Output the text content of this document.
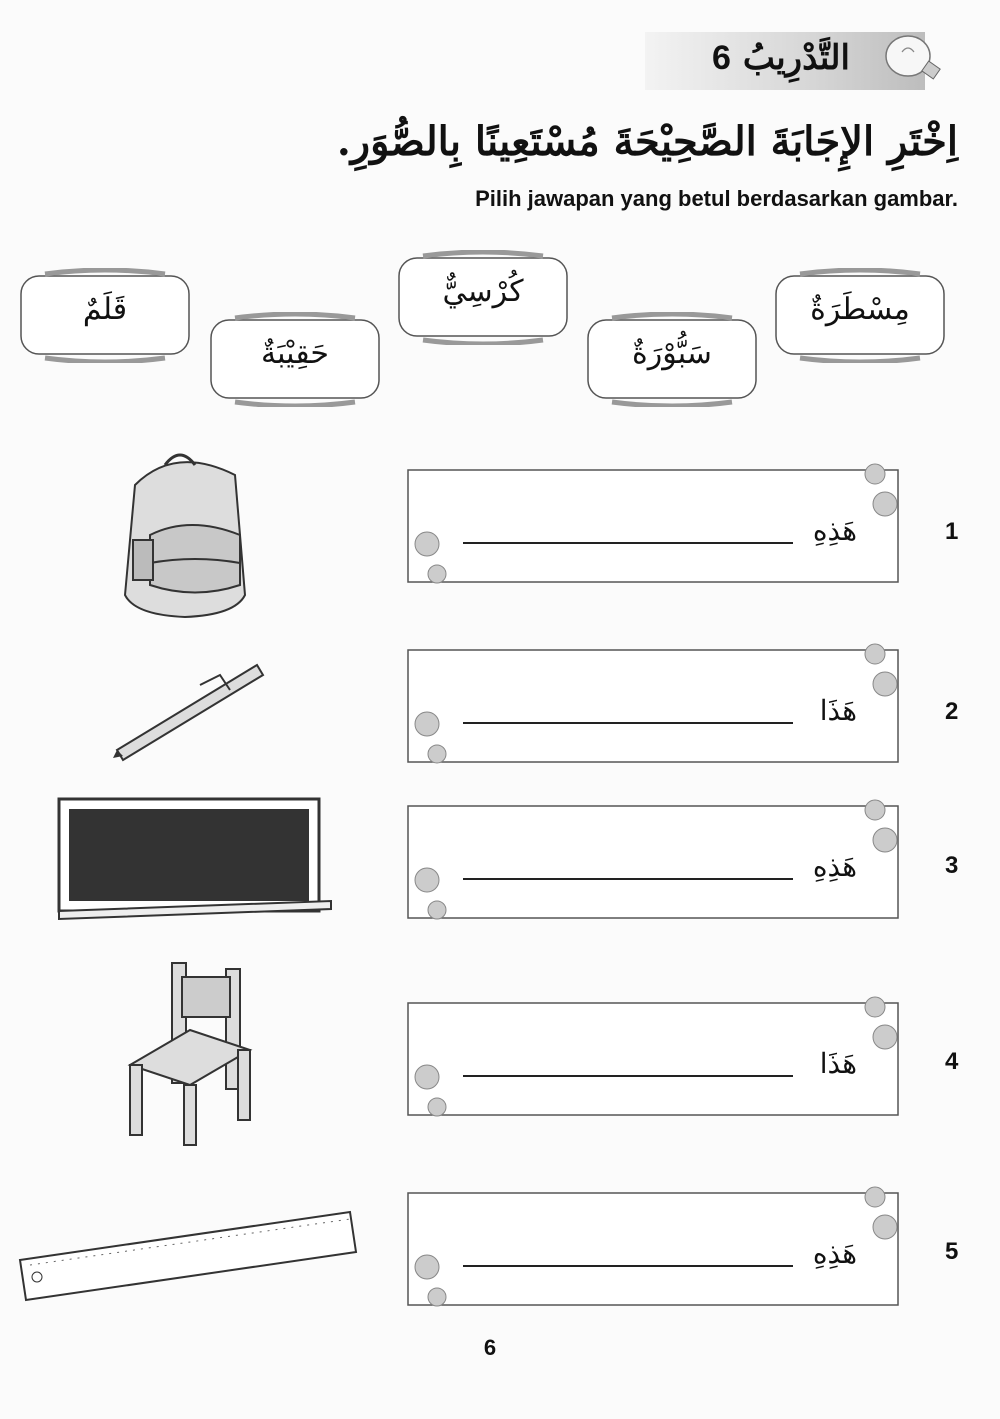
التَّدْرِيبُ 6
اِخْتَرِ الإِجَابَةَ الصَّحِيْحَةَ مُسْتَعِينًا بِالصُّوَرِ.
Pilih jawapan yang betul berdasarkan gambar.
قَلَمٌ
حَقِيْبَةٌ
كُرْسِيٌّ
سَبُّوْرَةٌ
مِسْطَرَةٌ
هَذِهِ	1
هَذَا	2
هَذِهِ	3
هَذَا	4
هَذِهِ	5
6
